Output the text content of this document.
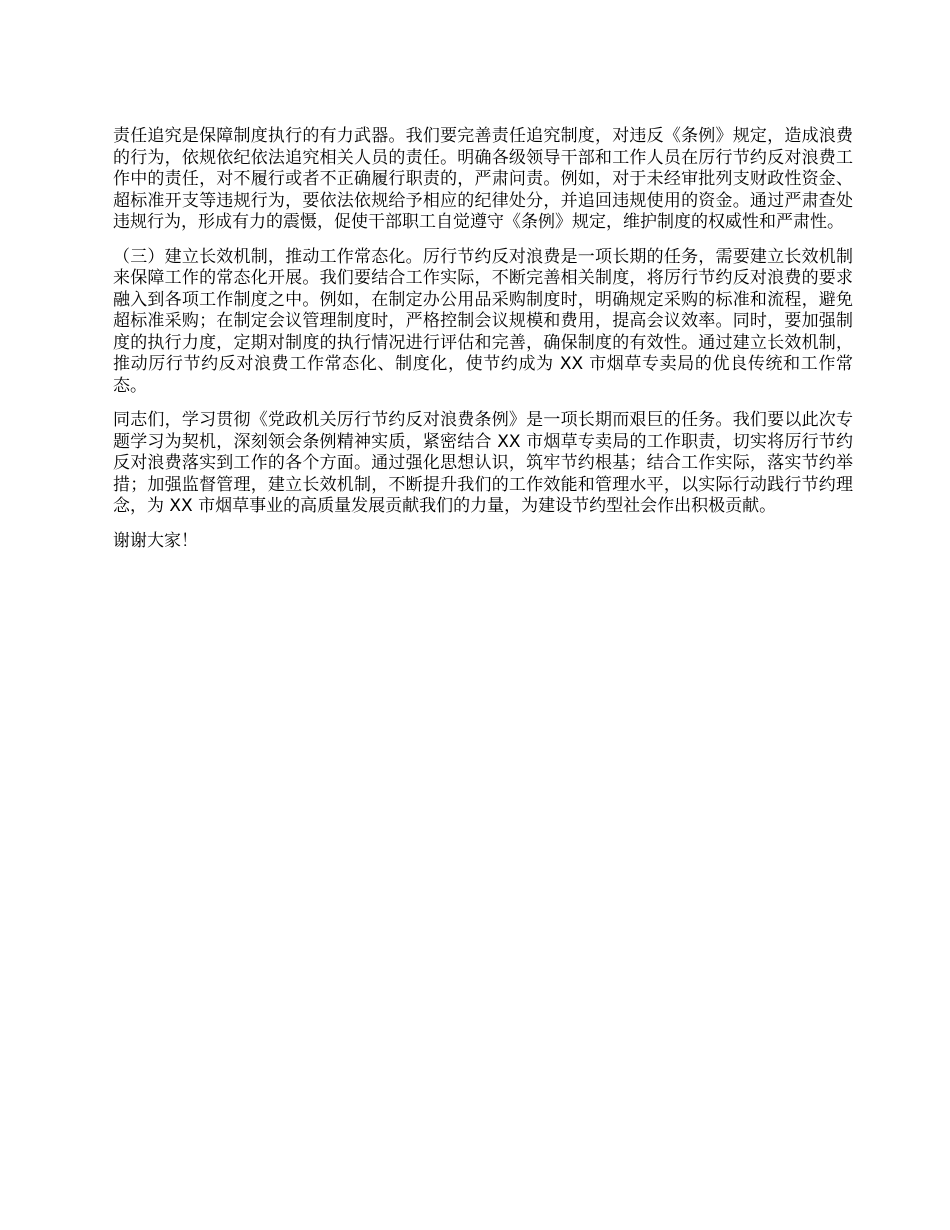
责任追究是保障制度执行的有力武器。我们要完善责任追究制度，对违反《条例》规定，造成浪费的行为，依规依纪依法追究相关人员的责任。明确各级领导干部和工作人员在厉行节约反对浪费工作中的责任，对不履行或者不正确履行职责的，严肃问责。例如，对于未经审批列支财政性资金、超标准开支等违规行为，要依法依规给予相应的纪律处分，并追回违规使用的资金。通过严肃查处违规行为，形成有力的震慑，促使干部职工自觉遵守《条例》规定，维护制度的权威性和严肃性。

（三）建立长效机制，推动工作常态化。厉行节约反对浪费是一项长期的任务，需要建立长效机制来保障工作的常态化开展。我们要结合工作实际，不断完善相关制度，将厉行节约反对浪费的要求融入到各项工作制度之中。例如，在制定办公用品采购制度时，明确规定采购的标准和流程，避免超标准采购；在制定会议管理制度时，严格控制会议规模和费用，提高会议效率。同时，要加强制度的执行力度，定期对制度的执行情况进行评估和完善，确保制度的有效性。通过建立长效机制，推动厉行节约反对浪费工作常态化、制度化，使节约成为 XX 市烟草专卖局的优良传统和工作常态。

同志们，学习贯彻《党政机关厉行节约反对浪费条例》是一项长期而艰巨的任务。我们要以此次专题学习为契机，深刻领会条例精神实质，紧密结合 XX 市烟草专卖局的工作职责，切实将厉行节约反对浪费落实到工作的各个方面。通过强化思想认识，筑牢节约根基；结合工作实际，落实节约举措；加强监督管理，建立长效机制，不断提升我们的工作效能和管理水平，以实际行动践行节约理念，为 XX 市烟草事业的高质量发展贡献我们的力量，为建设节约型社会作出积极贡献。

谢谢大家！
